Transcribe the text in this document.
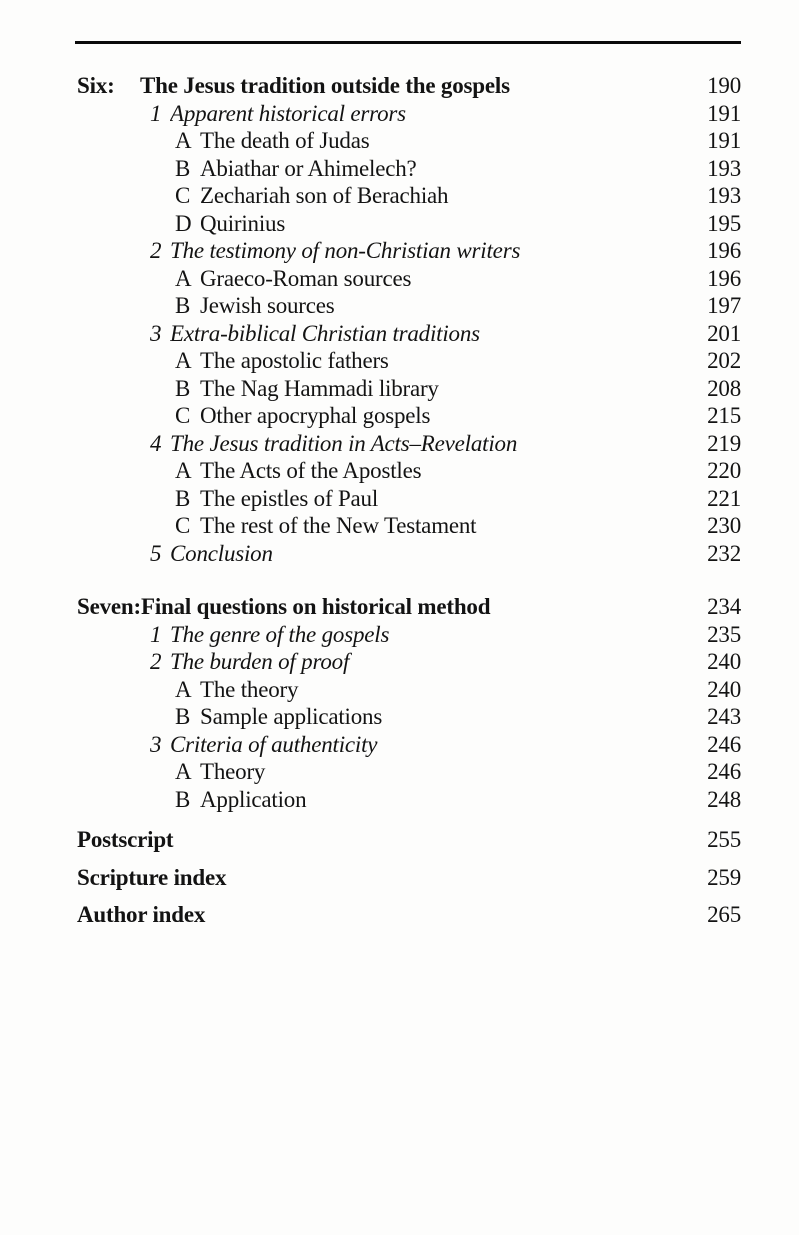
Six:	The Jesus tradition outside the gospels	190
1 Apparent historical errors	191
A The death of Judas	191
B Abiathar or Ahimelech?	193
C Zechariah son of Berachiah	193
D Quirinius	195
2 The testimony of non-Christian writers	196
A Graeco-Roman sources	196
B Jewish sources	197
3 Extra-biblical Christian traditions	201
A The apostolic fathers	202
B The Nag Hammadi library	208
C Other apocryphal gospels	215
4 The Jesus tradition in Acts–Revelation	219
A The Acts of the Apostles	220
B The epistles of Paul	221
C The rest of the New Testament	230
5 Conclusion	232
Seven: Final questions on historical method	234
1 The genre of the gospels	235
2 The burden of proof	240
A The theory	240
B Sample applications	243
3 Criteria of authenticity	246
A Theory	246
B Application	248
Postscript	255
Scripture index	259
Author index	265
